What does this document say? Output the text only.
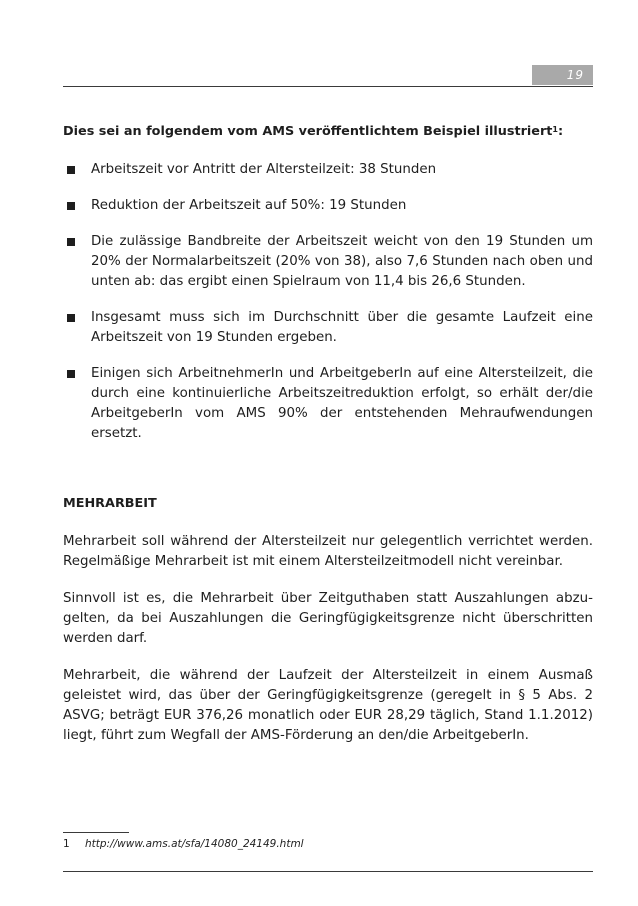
19

Dies sei an folgendem vom AMS veröffentlichtem Beispiel illustriert$^1$:

Arbeitszeit vor Antritt der Altersteilzeit: 38 Stunden
Reduktion der Arbeitszeit auf 50%: 19 Stunden
Die zulässige Bandbreite der Arbeitszeit weicht von den 19 Stunden um 20% der Normalarbeitszeit (20% von 38), also 7,6 Stunden nach oben und unten ab: das ergibt einen Spielraum von 11,4 bis 26,6 Stunden.
Insgesamt muss sich im Durchschnitt über die gesamte Laufzeit eine Arbeitszeit von 19 Stunden ergeben.
Einigen sich ArbeitnehmerIn und ArbeitgeberIn auf eine Altersteilzeit, die durch eine kontinuierliche Arbeitszeitreduktion erfolgt, so erhält der/die ArbeitgeberIn vom AMS 90% der entstehenden Mehraufwendungen ersetzt.
MEHRARBEIT

Mehrarbeit soll während der Altersteilzeit nur gelegentlich verrichtet werden. Regelmäßige Mehrarbeit ist mit einem Altersteilzeitmodell nicht vereinbar.

Sinnvoll ist es, die Mehrarbeit über Zeitguthaben statt Auszahlungen abzugelten, da bei Auszahlungen die Geringfügigkeitsgrenze nicht überschritten werden darf.

Mehrarbeit, die während der Laufzeit der Altersteilzeit in einem Ausmaß geleistet wird, das über der Geringfügigkeitsgrenze (geregelt in § 5 Abs. 2 ASVG; beträgt EUR 376,26 monatlich oder EUR 28,29 täglich, Stand 1.1.2012) liegt, führt zum Wegfall der AMS-Förderung an den/die ArbeitgeberIn.

1 http://www.ams.at/sfa/14080_24149.html
